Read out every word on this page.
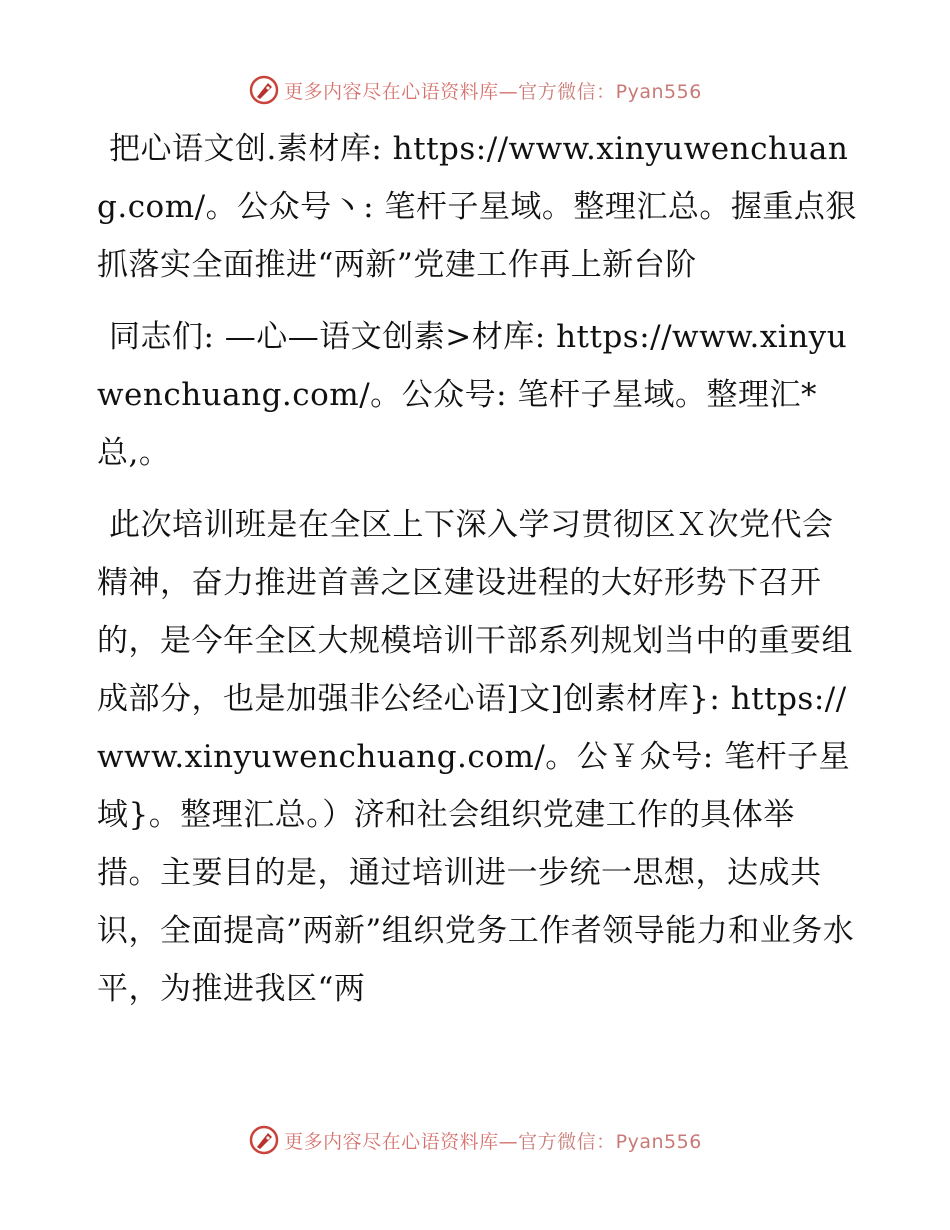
更多内容尽在心语资料库—官方微信：Pyan556

把心语文创.素材库: https://www.xinyuwenchuang.com/。公众号丶: 笔杆子星域。整理汇总。握重点狠抓落实全面推进“两新”党建工作再上新台阶

同志们: —心—语文创素>材库: https://www.xinyuwenchuang.com/。公众号: 笔杆子星域。整理汇*总,。

此次培训班是在全区上下深入学习贯彻区Ｘ次党代会精神，奋力推进首善之区建设进程的大好形势下召开的，是今年全区大规模培训干部系列规划当中的重要组成部分，也是加强非公经心语]文]创素材库}: https://www.xinyuwenchuang.com/。公￥众号: 笔杆子星域}。整理汇总。）济和社会组织党建工作的具体举措。主要目的是，通过培训进一步统一思想，达成共识，全面提高”两新”组织党务工作者领导能力和业务水平，为推进我区“两

更多内容尽在心语资料库—官方微信：Pyan556
